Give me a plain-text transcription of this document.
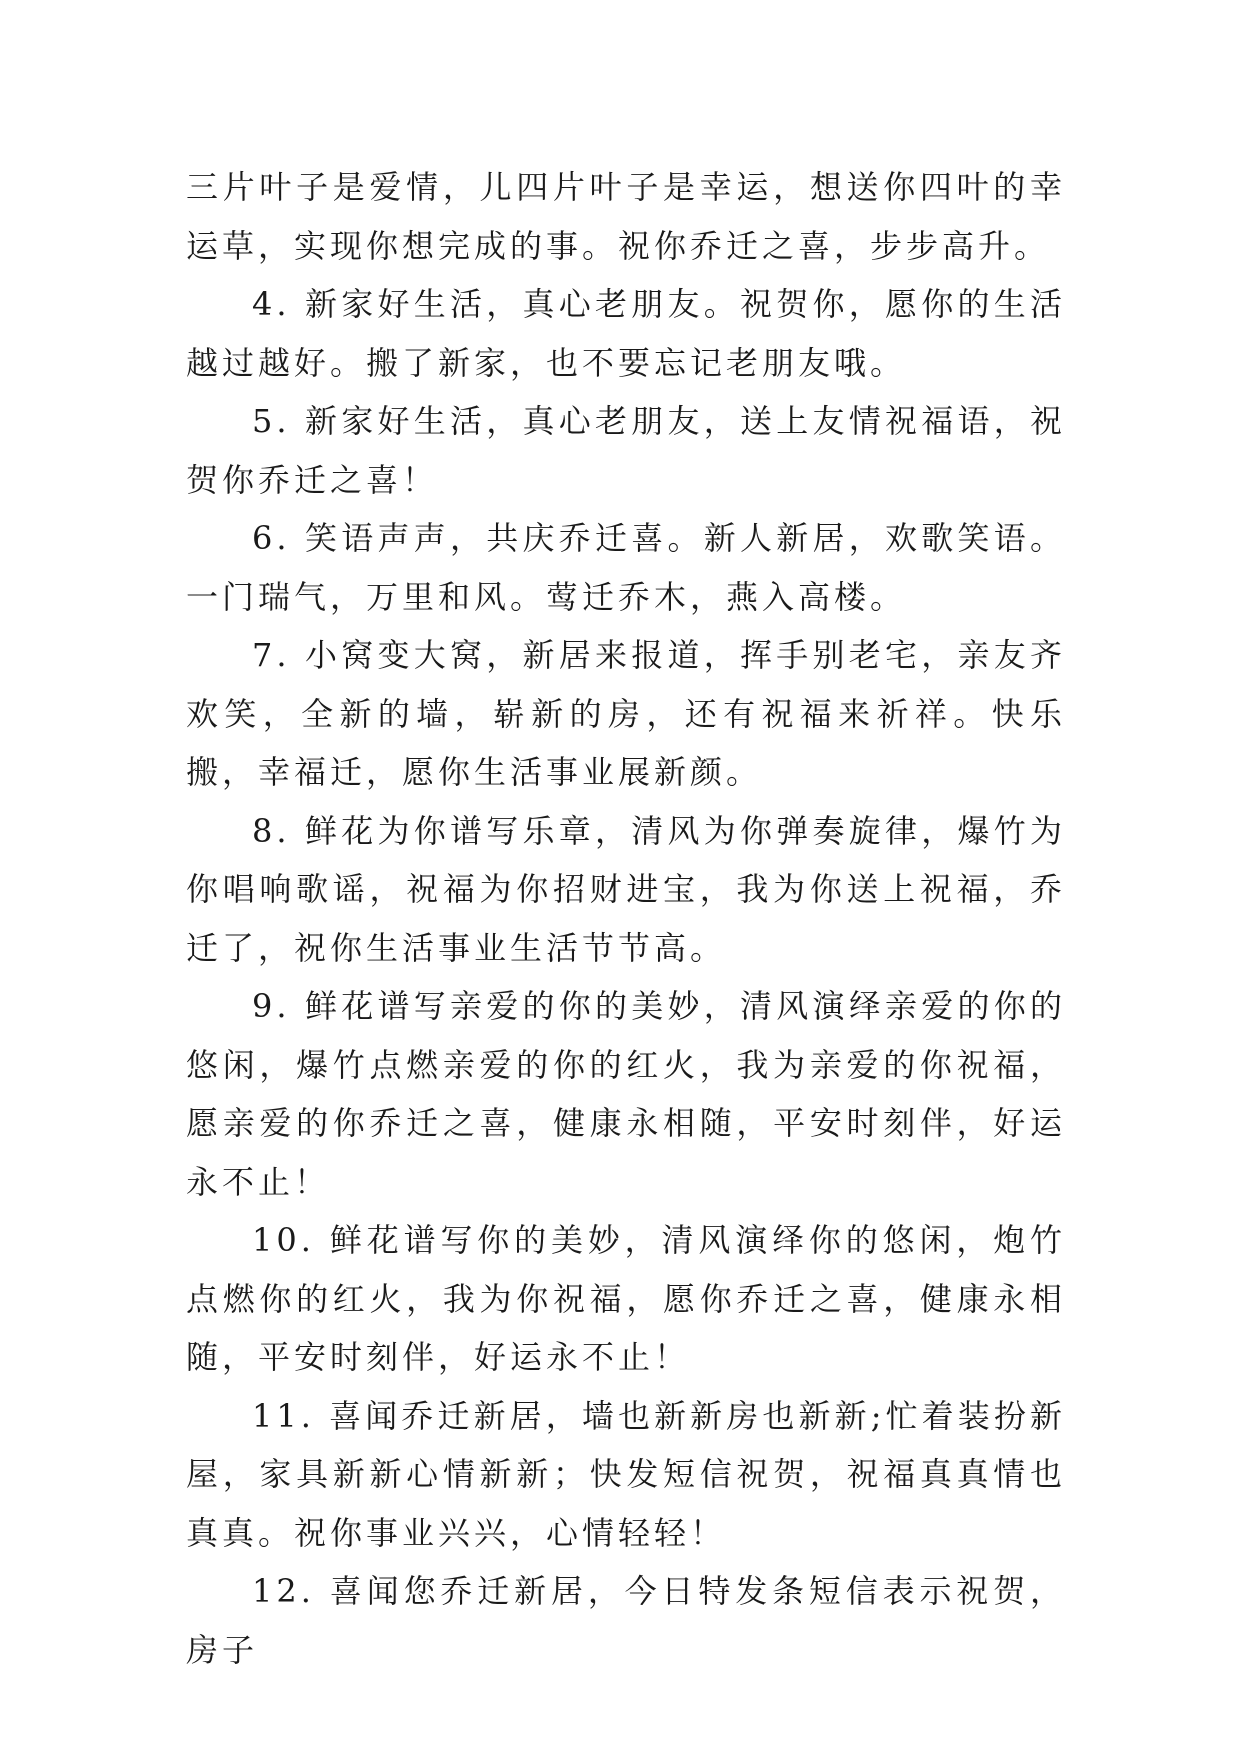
三片叶子是爱情，儿四片叶子是幸运，想送你四叶的幸运草，实现你想完成的事。祝你乔迁之喜，步步高升。

4. 新家好生活，真心老朋友。祝贺你，愿你的生活越过越好。搬了新家，也不要忘记老朋友哦。

5. 新家好生活，真心老朋友，送上友情祝福语，祝贺你乔迁之喜！

6. 笑语声声，共庆乔迁喜。新人新居，欢歌笑语。一门瑞气，万里和风。莺迁乔木，燕入高楼。

7. 小窝变大窝，新居来报道，挥手别老宅，亲友齐欢笑，全新的墙，崭新的房，还有祝福来祈祥。快乐搬，幸福迁，愿你生活事业展新颜。

8. 鲜花为你谱写乐章，清风为你弹奏旋律，爆竹为你唱响歌谣，祝福为你招财进宝，我为你送上祝福，乔迁了，祝你生活事业生活节节高。

9. 鲜花谱写亲爱的你的美妙，清风演绎亲爱的你的悠闲，爆竹点燃亲爱的你的红火，我为亲爱的你祝福，愿亲爱的你乔迁之喜，健康永相随，平安时刻伴，好运永不止！

10. 鲜花谱写你的美妙，清风演绎你的悠闲，炮竹点燃你的红火，我为你祝福，愿你乔迁之喜，健康永相随，平安时刻伴，好运永不止！

11. 喜闻乔迁新居，墙也新新房也新新;忙着装扮新屋，家具新新心情新新；快发短信祝贺，祝福真真情也真真。祝你事业兴兴，心情轻轻！

12. 喜闻您乔迁新居，今日特发条短信表示祝贺，房子
